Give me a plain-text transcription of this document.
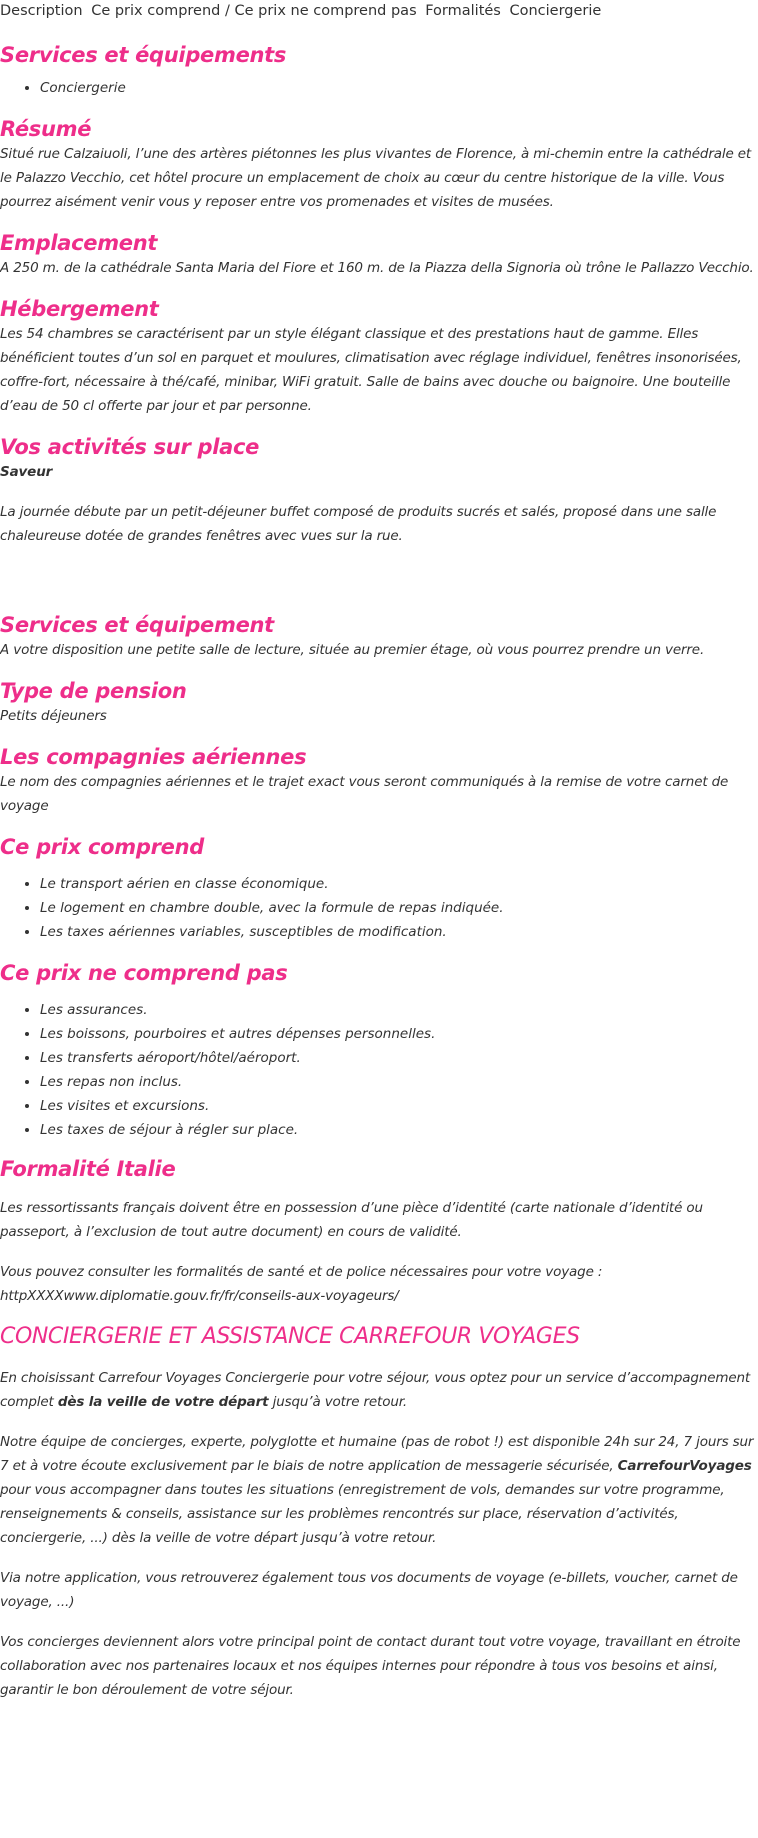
Description Ce prix comprend / Ce prix ne comprend pas Formalités Conciergerie
Services et équipements
• Conciergerie
Résumé

Situé rue Calzaiuoli, l’une des artères piétonnes les plus vivantes de Florence, à mi-chemin entre la cathédrale et le Palazzo Vecchio, cet hôtel procure un emplacement de choix au cœur du centre historique de la ville. Vous pourrez aisément venir vous y reposer entre vos promenades et visites de musées.

Emplacement

A 250 m. de la cathédrale Santa Maria del Fiore et 160 m. de la Piazza della Signoria où trône le Pallazzo Vecchio.

Hébergement

Les 54 chambres se caractérisent par un style élégant classique et des prestations haut de gamme. Elles bénéficient toutes d’un sol en parquet et moulures, climatisation avec réglage individuel, fenêtres insonorisées, coffre-fort, nécessaire à thé/café, minibar, WiFi gratuit. Salle de bains avec douche ou baignoire. Une bouteille d’eau de 50 cl offerte par jour et par personne.

Vos activités sur place

Saveur

La journée débute par un petit-déjeuner buffet composé de produits sucrés et salés, proposé dans une salle chaleureuse dotée de grandes fenêtres avec vues sur la rue.

Services et équipement

A votre disposition une petite salle de lecture, située au premier étage, où vous pourrez prendre un verre.

Type de pension

Petits déjeuners

Les compagnies aériennes

Le nom des compagnies aériennes et le trajet exact vous seront communiqués à la remise de votre carnet de voyage

Ce prix comprend
• Le transport aérien en classe économique.
• Le logement en chambre double, avec la formule de repas indiquée.
• Les taxes aériennes variables, susceptibles de modification.
Ce prix ne comprend pas
• Les assurances.
• Les boissons, pourboires et autres dépenses personnelles.
• Les transferts aéroport/hôtel/aéroport.
• Les repas non inclus.
• Les visites et excursions.
• Les taxes de séjour à régler sur place.
Formalité Italie

Les ressortissants français doivent être en possession d’une pièce d’identité (carte nationale d’identité ou passeport, à l’exclusion de tout autre document) en cours de validité.

Vous pouvez consulter les formalités de santé et de police nécessaires pour votre voyage :
httpXXXXwww.diplomatie.gouv.fr/fr/conseils-aux-voyageurs/

CONCIERGERIE ET ASSISTANCE CARREFOUR VOYAGES

En choisissant Carrefour Voyages Conciergerie pour votre séjour, vous optez pour un service d’accompagnement complet dès la veille de votre départ jusqu’à votre retour.

Notre équipe de concierges, experte, polyglotte et humaine (pas de robot !) est disponible 24h sur 24, 7 jours sur 7 et à votre écoute exclusivement par le biais de notre application de messagerie sécurisée, CarrefourVoyages pour vous accompagner dans toutes les situations (enregistrement de vols, demandes sur votre programme, renseignements & conseils, assistance sur les problèmes rencontrés sur place, réservation d’activités, conciergerie, ...) dès la veille de votre départ jusqu’à votre retour.

Via notre application, vous retrouverez également tous vos documents de voyage (e-billets, voucher, carnet de voyage, ...)

Vos concierges deviennent alors votre principal point de contact durant tout votre voyage, travaillant en étroite collaboration avec nos partenaires locaux et nos équipes internes pour répondre à tous vos besoins et ainsi, garantir le bon déroulement de votre séjour.
